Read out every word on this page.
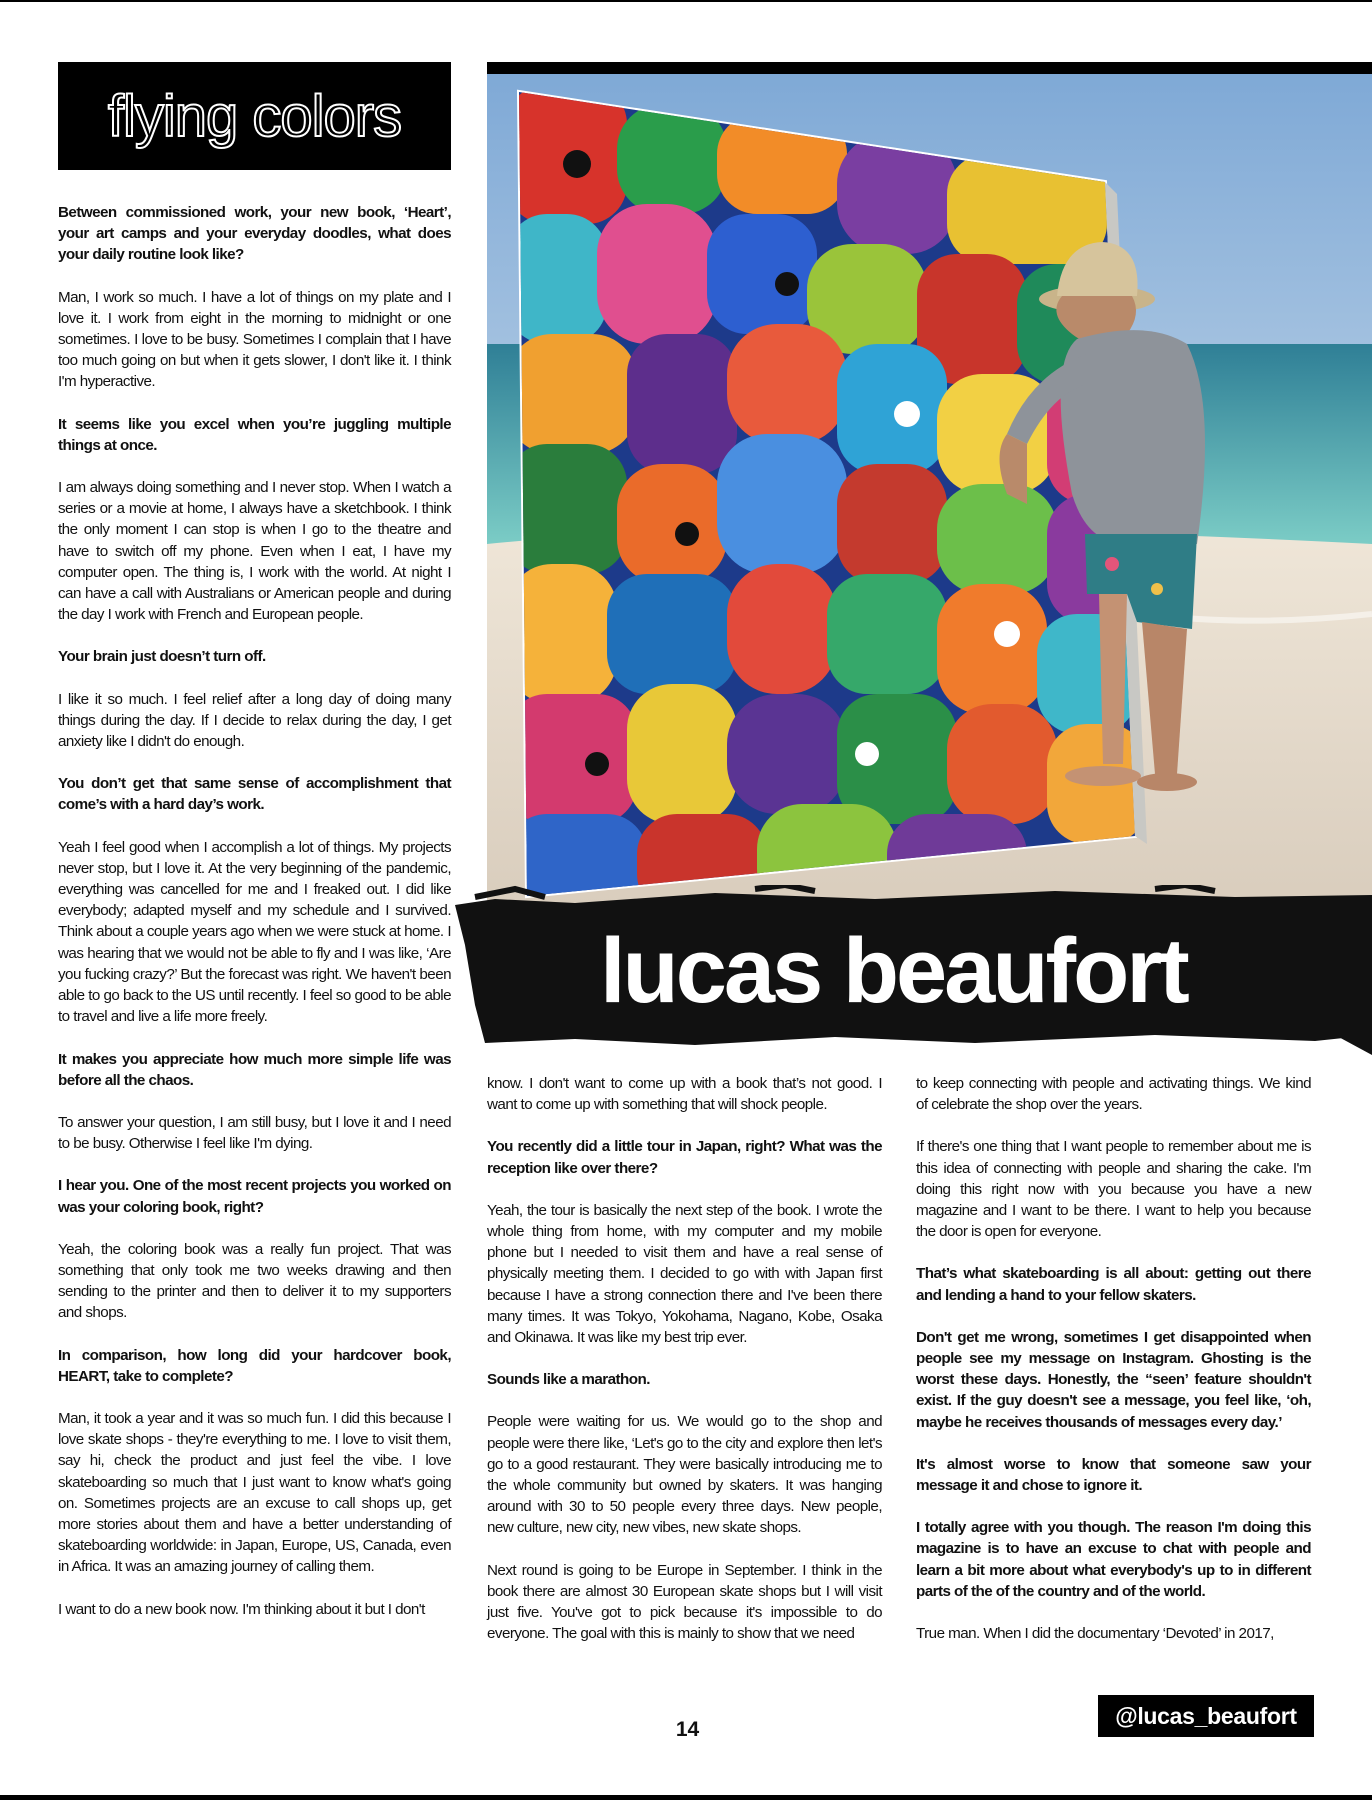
flying colors

Between commissioned work, your new book, ‘Heart’, your art camps and your everyday doodles, what does your daily routine look like?

Man, I work so much. I have a lot of things on my plate and I love it. I work from eight in the morning to midnight or one sometimes. I love to be busy. Sometimes I complain that I have too much going on but when it gets slower, I don't like it. I think I'm hyperactive.

It seems like you excel when you’re juggling multiple things at once.

I am always doing something and I never stop. When I watch a series or a movie at home, I always have a sketchbook. I think the only moment I can stop is when I go to the theatre and have to switch off my phone. Even when I eat, I have my computer open. The thing is, I work with the world. At night I can have a call with Australians or American people and during the day I work with French and European people.

Your brain just doesn’t turn off.

I like it so much. I feel relief after a long day of doing many things during the day. If I decide to relax during the day, I get anxiety like I didn't do enough.

You don’t get that same sense of accomplishment that come’s with a hard day’s work.

Yeah I feel good when I accomplish a lot of things. My projects never stop, but I love it. At the very beginning of the pandemic, everything was cancelled for me and I freaked out. I did like everybody; adapted myself and my schedule and I survived. Think about a couple years ago when we were stuck at home. I was hearing that we would not be able to fly and I was like, ‘Are you fucking crazy?’ But the forecast was right. We haven't been able to go back to the US until recently. I feel so good to be able to travel and live a life more freely.

It makes you appreciate how much more simple life was before all the chaos.

To answer your question, I am still busy, but I love it and I need to be busy. Otherwise I feel like I'm dying.

I hear you. One of the most recent projects you worked on was your coloring book, right?

Yeah, the coloring book was a really fun project. That was something that only took me two weeks drawing and then sending to the printer and then to deliver it to my supporters and shops.

In comparison, how long did your hardcover book, HEART, take to complete?

Man, it took a year and it was so much fun. I did this because I love skate shops - they're everything to me. I love to visit them, say hi, check the product and just feel the vibe. I love skateboarding so much that I just want to know what's going on. Sometimes projects are an excuse to call shops up, get more stories about them and have a better understanding of skateboarding worldwide: in Japan, Europe, US, Canada, even in Africa. It was an amazing journey of calling them.

I want to do a new book now. I'm thinking about it but I don't

lucas beaufort

know. I don't want to come up with a book that’s not good. I want to come up with something that will shock people.

You recently did a little tour in Japan, right? What was the reception like over there?

Yeah, the tour is basically the next step of the book. I wrote the whole thing from home, with my computer and my mobile phone but I needed to visit them and have a real sense of physically meeting them. I decided to go with with Japan first because I have a strong connection there and I've been there many times. It was Tokyo, Yokohama, Nagano, Kobe, Osaka and Okinawa. It was like my best trip ever.

Sounds like a marathon.

People were waiting for us. We would go to the shop and people were there like, ‘Let's go to the city and explore then let's go to a good restaurant. They were basically introducing me to the whole community but owned by skaters. It was hanging around with 30 to 50 people every three days. New people, new culture, new city, new vibes, new skate shops.

Next round is going to be Europe in September. I think in the book there are almost 30 European skate shops but I will visit just five. You've got to pick because it's impossible to do everyone. The goal with this is mainly to show that we need

to keep connecting with people and activating things. We kind of celebrate the shop over the years.

If there's one thing that I want people to remember about me is this idea of connecting with people and sharing the cake. I'm doing this right now with you because you have a new magazine and I want to be there. I want to help you because the door is open for everyone.

That’s what skateboarding is all about: getting out there and lending a hand to your fellow skaters.

Don't get me wrong, sometimes I get disappointed when people see my message on Instagram. Ghosting is the worst these days. Honestly, the “seen’ feature shouldn't exist. If the guy doesn't see a message, you feel like, ‘oh, maybe he receives thousands of messages every day.’

It's almost worse to know that someone saw your message it and chose to ignore it.

I totally agree with you though. The reason I'm doing this magazine is to have an excuse to chat with people and learn a bit more about what everybody's up to in different parts of the of the country and of the world.

True man. When I did the documentary ‘Devoted’ in 2017,

14
@lucas_beaufort
